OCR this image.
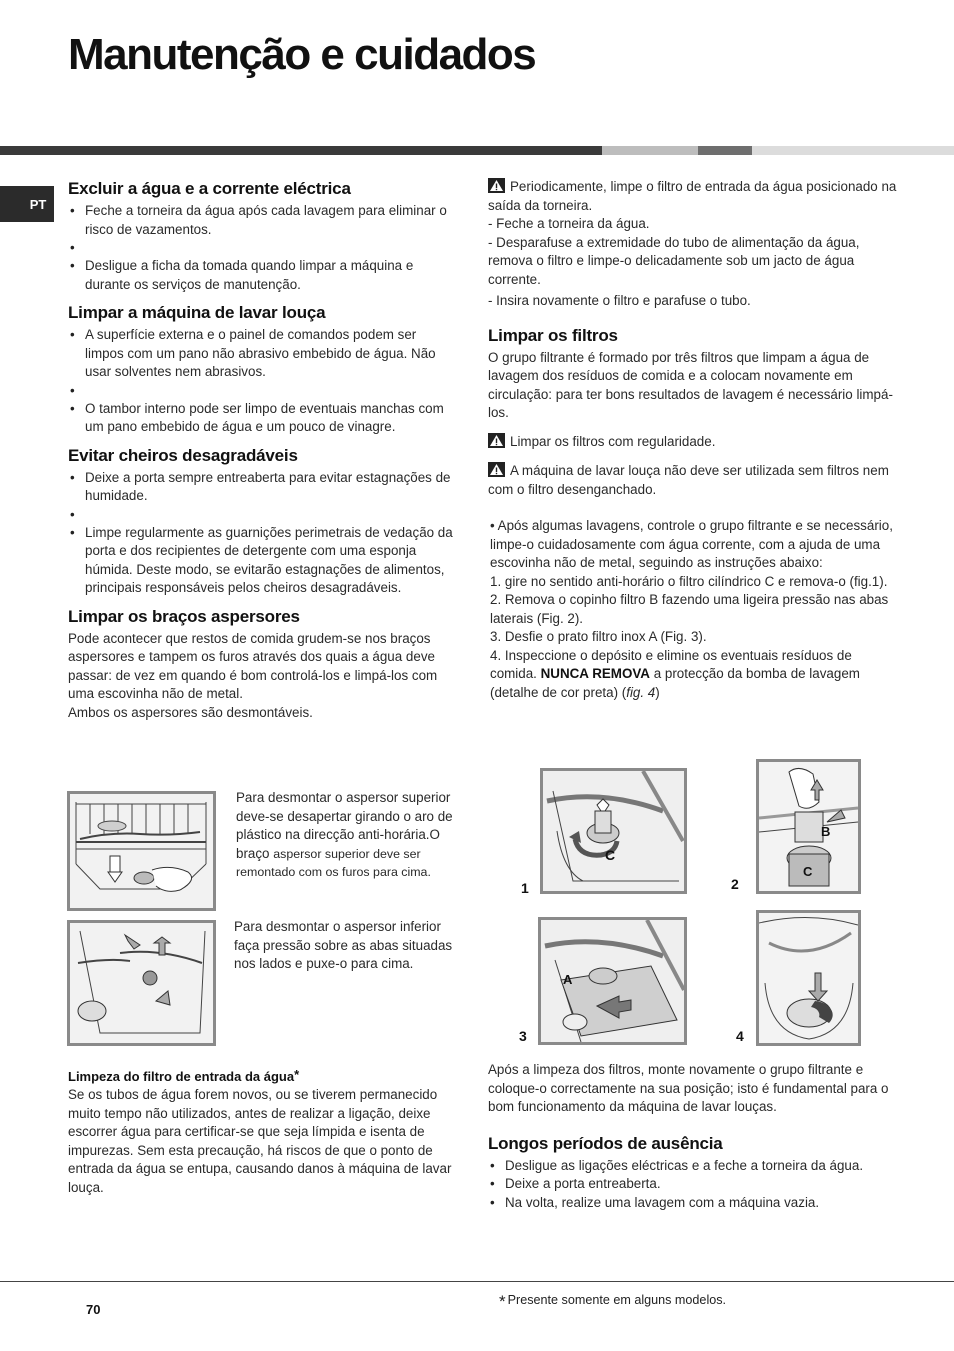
Manutenção e cuidados
PT
Excluir a água e a corrente eléctrica
• Feche a torneira da água após cada lavagem para eliminar o risco de vazamentos.
•
• Desligue a ficha da tomada quando limpar a máquina e durante os serviços de manutenção.
Limpar a máquina de lavar louça
• A superfície externa e o painel de comandos podem ser limpos com um pano não abrasivo embebido de água. Não usar solventes nem abrasivos.
•
• O tambor interno pode ser limpo de eventuais manchas com um pano embebido de água e um pouco de vinagre.
Evitar cheiros desagradáveis
• Deixe a porta sempre entreaberta para evitar estagnações de humidade.
•
• Limpe regularmente as guarnições perimetrais de vedação da porta e dos recipientes de detergente com uma esponja húmida. Deste modo, se evitarão estagnações de alimentos, principais responsáveis pelos cheiros desagradáveis.
Limpar os braços aspersores

Pode acontecer que restos de comida grudem-se nos braços aspersores e tampem os furos através dos quais a água deve passar: de vez em quando é bom controlá-los e limpá-los com uma escovinha não de metal.

Ambos os aspersores são desmontáveis.

Para desmontar o aspersor superior deve-se desapertar girando o aro de plástico na direcção anti-horária.O braço aspersor superior deve ser remontado com os furos para cima.
Para desmontar o aspersor inferior faça pressão sobre as abas situadas nos lados e puxe-o para cima.
Limpeza do filtro de entrada da água*

Se os tubos de água forem novos, ou se tiverem permanecido muito tempo não utilizados, antes de realizar a ligação, deixe escorrer água para certificar-se que seja límpida e isenta de impurezas. Sem esta precaução, há riscos de que o ponto de entrada da água se entupa, causando danos à máquina de lavar louça.

Periodicamente, limpe o filtro de entrada da água posicionado na saída da torneira.

- Feche a torneira da água.

- Desparafuse a extremidade do tubo de alimentação da água, remova o filtro e limpe-o delicadamente sob um jacto de água corrente.

- Insira novamente o filtro e parafuse o tubo.

Limpar os filtros

O grupo filtrante é formado por três filtros que limpam a água de lavagem dos resíduos de comida e a colocam novamente em circulação: para ter bons resultados de lavagem é necessário limpá-los.

Limpar os filtros com regularidade.

A máquina de lavar louça não deve ser utilizada sem filtros nem com o filtro desenganchado.

• Após algumas lavagens, controle o grupo filtrante e se necessário, limpe-o cuidadosamente com água corrente, com a ajuda de uma escovinha não de metal, seguindo as instruções abaixo:

1. gire no sentido anti-horário o filtro cilíndrico C e remova-o (fig.1).

2. Remova o copinho filtro B fazendo uma ligeira pressão nas abas laterais (Fig. 2).

3. Desfie o prato filtro inox A (Fig. 3).

4. Inspeccione o depósito e elimine os eventuais resíduos de comida. NUNCA REMOVA a protecção da bomba de lavagem (detalhe de cor preta) (fig. 4)

C
1
B
C
2
A
3	4

Após a limpeza dos filtros, monte novamente o grupo filtrante e coloque-o correctamente na sua posição; isto é fundamental para o bom funcionamento da máquina de lavar louças.

Longos períodos de ausência
• Desligue as ligações eléctricas e a feche a torneira da água.
• Deixe a porta entreaberta.
• Na volta, realize uma lavagem com a máquina vazia.
70	* Presente somente em alguns modelos.
